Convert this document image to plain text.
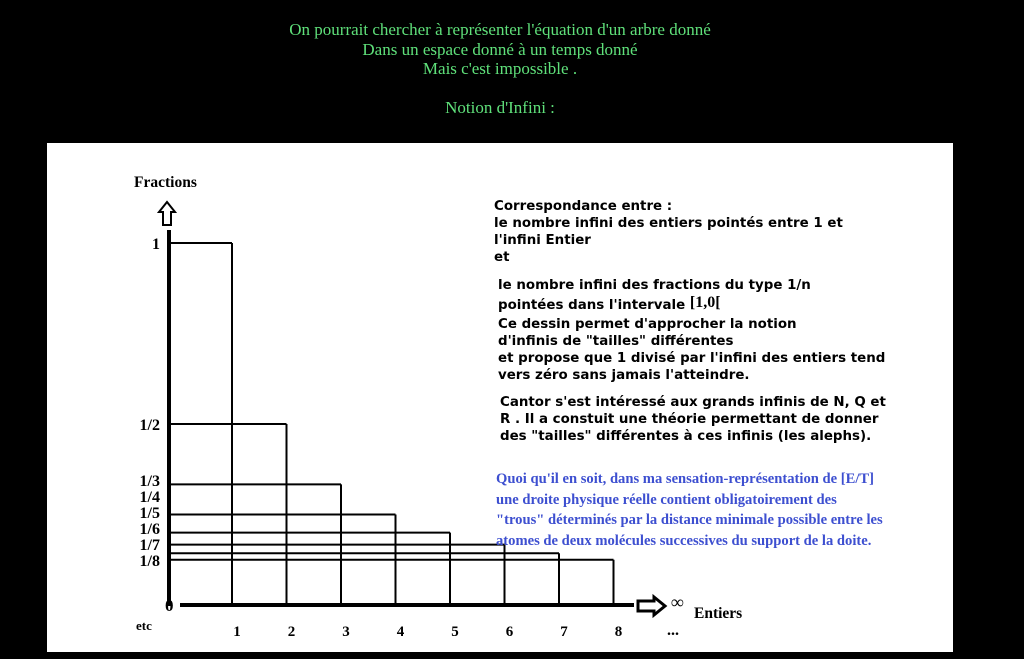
On pourrait chercher à représenter l'équation d'un arbre donné
Dans un espace donné à un temps donné
Mais c'est impossible .
Notion d'Infini :
1	2	3	4	5	6	7	8
1
1/2
1/3
1/4
1/5
1/6
1/7
1/8
Fractions
Entiers
0
etc	...
∞
Correspondance entre :
le nombre infini des entiers pointés entre 1 et
l'infini Entier
et
le nombre infini des fractions du type 1/n
pointées dans l'intervale [1,0[
Ce dessin permet d'approcher la notion
d'infinis de "tailles" différentes
et propose que 1 divisé par l'infini des entiers tend
vers zéro sans jamais l'atteindre.
Cantor s'est intéressé aux grands infinis de N, Q et
R . Il a constuit une théorie permettant de donner
des "tailles" différentes à ces infinis (les alephs).
Quoi qu'il en soit, dans ma sensation-représentation de [E/T]
une droite physique réelle contient obligatoirement des
"trous" déterminés par la distance minimale possible entre les
atomes de deux molécules successives du support de la doite.
